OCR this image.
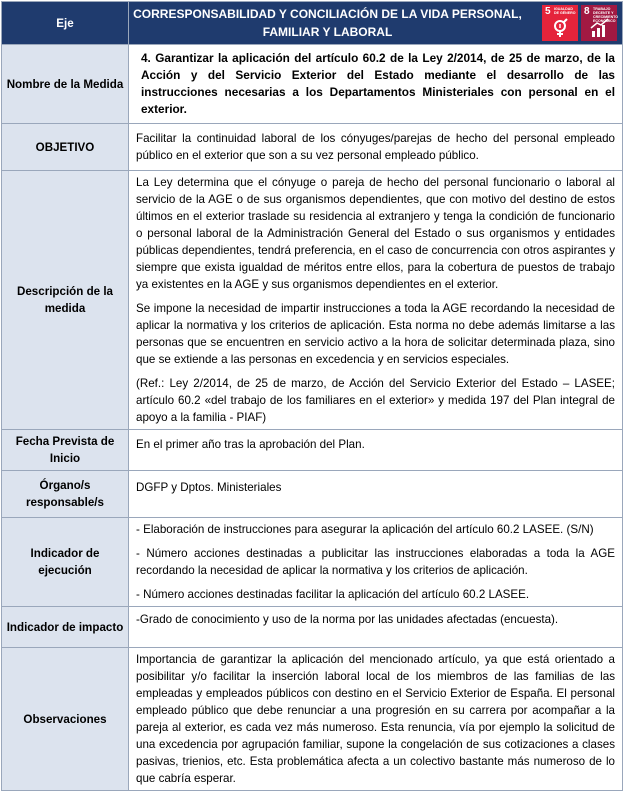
Eje	CORRESPONSABILIDAD Y CONCILIACIÓN DE LA VIDA PERSONAL,
FAMILIAR Y LABORAL

Nombre de la Medida	4. Garantizar la aplicación del artículo 60.2 de la Ley 2/2014, de 25 de marzo, de la Acción y del Servicio Exterior del Estado mediante el desarrollo de las instrucciones necesarias a los Departamentos Ministeriales con personal en el exterior.
OBJETIVO	Facilitar la continuidad laboral de los cónyuges/parejas de hecho del personal empleado público en el exterior que son a su vez personal empleado público.
Descripción de la medida	La Ley determina que el cónyuge o pareja de hecho del personal funcionario o laboral al servicio de la AGE o de sus organismos dependientes, que con motivo del destino de estos últimos en el exterior traslade su residencia al extranjero y tenga la condición de funcionario o personal laboral de la Administración General del Estado o sus organismos y entidades públicas dependientes, tendrá preferencia, en el caso de concurrencia con otros aspirantes y siempre que exista igualdad de méritos entre ellos, para la cobertura de puestos de trabajo ya existentes en la AGE y sus organismos dependientes en el exterior.

Se impone la necesidad de impartir instrucciones a toda la AGE recordando la necesidad de aplicar la normativa y los criterios de aplicación. Esta norma no debe además limitarse a las personas que se encuentren en servicio activo a la hora de solicitar determinada plaza, sino que se extiende a las personas en excedencia y en servicios especiales.

(Ref.: Ley 2/2014, de 25 de marzo, de Acción del Servicio Exterior del Estado – LASEE; artículo 60.2 «del trabajo de los familiares en el exterior» y medida 197 del Plan integral de apoyo a la familia - PIAF)

Fecha Prevista de Inicio	En el primer año tras la aprobación del Plan.
Órgano/s responsable/s	DGFP y Dptos. Ministeriales
Indicador de ejecución	- Elaboración de instrucciones para asegurar la aplicación del artículo 60.2 LASEE. (S/N)

- Número acciones destinadas a publicitar las instrucciones elaboradas a toda la AGE recordando la necesidad de aplicar la normativa y los criterios de aplicación.

- Número acciones destinadas facilitar la aplicación del artículo 60.2 LASEE.

Indicador de impacto	-Grado de conocimiento y uso de la norma por las unidades afectadas (encuesta).
Observaciones	Importancia de garantizar la aplicación del mencionado artículo, ya que está orientado a posibilitar y/o facilitar la inserción laboral local de los miembros de las familias de las empleadas y empleados públicos con destino en el Servicio Exterior de España. El personal empleado público que debe renunciar a una progresión en su carrera por acompañar a la pareja al exterior, es cada vez más numeroso. Esta renuncia, vía por ejemplo la solicitud de una excedencia por agrupación familiar, supone la congelación de sus cotizaciones a clases pasivas, trienios, etc. Esta problemática afecta a un colectivo bastante más numeroso de lo que cabría esperar.
5 IGUALDAD DE GÉNERO 8 TRABAJO DECENTE Y CRECIMIENTO ECONÓMICO
